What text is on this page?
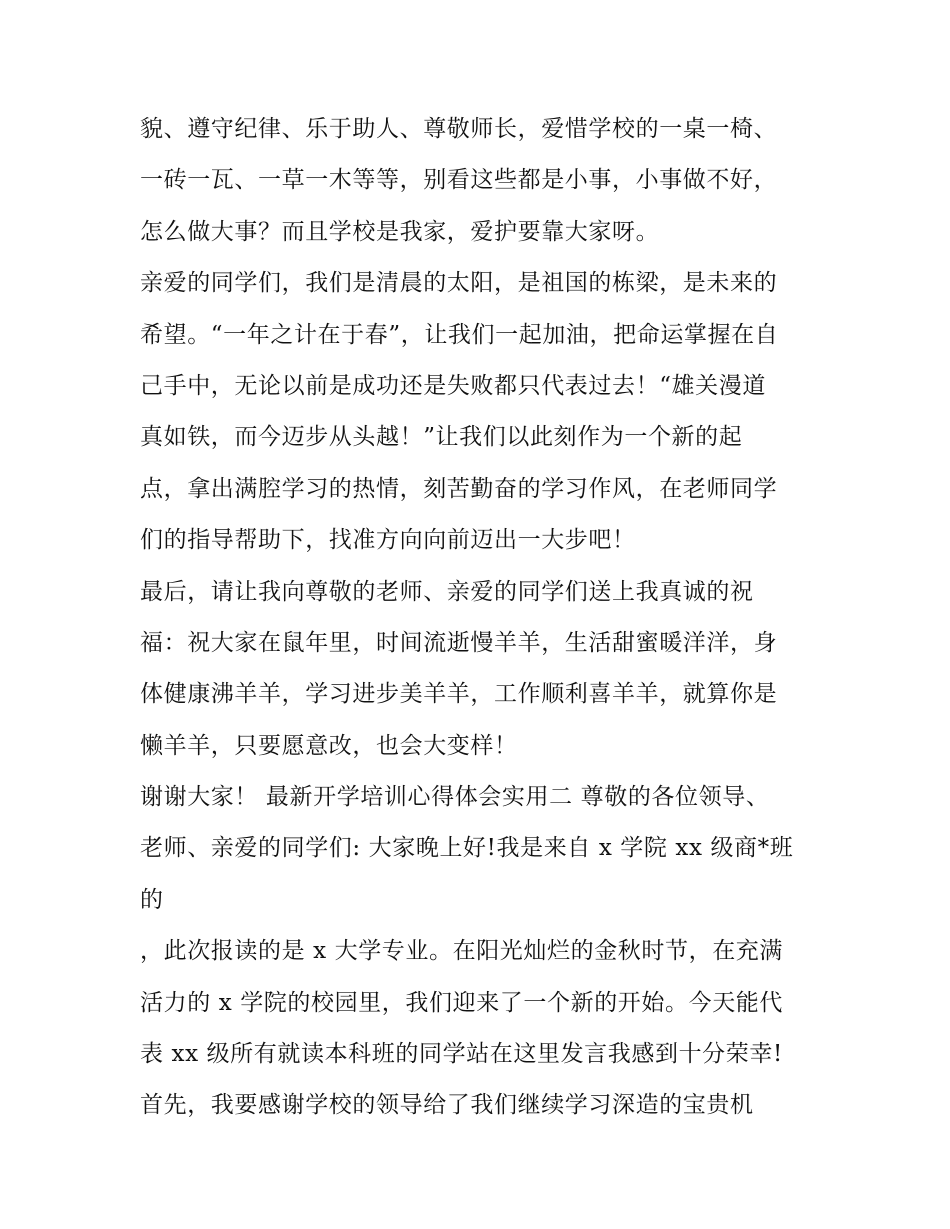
貌、遵守纪律、乐于助人、尊敬师长，爱惜学校的一桌一椅、
一砖一瓦、一草一木等等，别看这些都是小事，小事做不好，
怎么做大事？而且学校是我家，爱护要靠大家呀。
亲爱的同学们，我们是清晨的太阳，是祖国的栋梁，是未来的
希望。“一年之计在于春”，让我们一起加油，把命运掌握在自
己手中，无论以前是成功还是失败都只代表过去！“雄关漫道
真如铁，而今迈步从头越！”让我们以此刻作为一个新的起
点，拿出满腔学习的热情，刻苦勤奋的学习作风，在老师同学
们的指导帮助下，找准方向向前迈出一大步吧！
最后，请让我向尊敬的老师、亲爱的同学们送上我真诚的祝
福：祝大家在鼠年里，时间流逝慢羊羊，生活甜蜜暖洋洋，身
体健康沸羊羊，学习进步美羊羊，工作顺利喜羊羊，就算你是
懒羊羊，只要愿意改，也会大变样！
谢谢大家！ 最新开学培训心得体会实用二 尊敬的各位领导、
老师、亲爱的同学们: 大家晚上好!我是来自 x 学院 xx 级商*班
的
，此次报读的是 x 大学专业。在阳光灿烂的金秋时节，在充满
活力的 x 学院的校园里，我们迎来了一个新的开始。今天能代
表 xx 级所有就读本科班的同学站在这里发言我感到十分荣幸!
首先，我要感谢学校的领导给了我们继续学习深造的宝贵机
